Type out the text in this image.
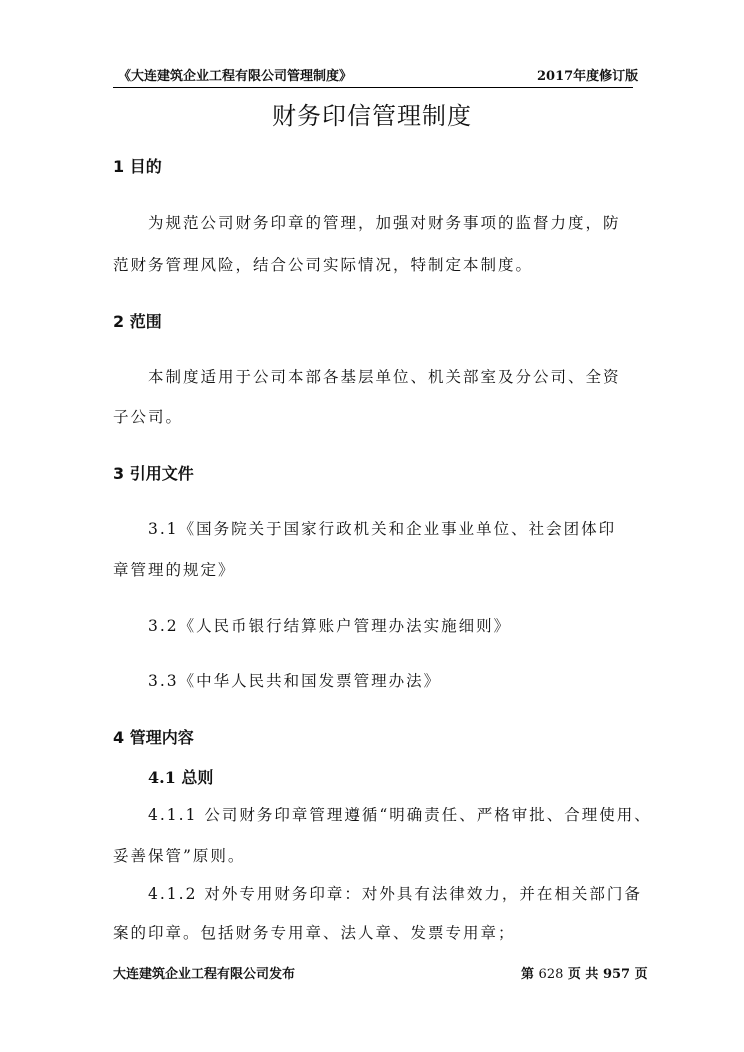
《大连建筑企业工程有限公司管理制度》	2017年度修订版
财务印信管理制度
1 目的
为规范公司财务印章的管理，加强对财务事项的监督力度，防
范财务管理风险，结合公司实际情况，特制定本制度。
2 范围
本制度适用于公司本部各基层单位、机关部室及分公司、全资
子公司。
3 引用文件
3.1《国务院关于国家行政机关和企业事业单位、社会团体印
章管理的规定》
3.2《人民币银行结算账户管理办法实施细则》
3.3《中华人民共和国发票管理办法》
4 管理内容
4.1 总则
4.1.1 公司财务印章管理遵循“明确责任、严格审批、合理使用、
妥善保管”原则。
4.1.2 对外专用财务印章：对外具有法律效力，并在相关部门备
案的印章。包括财务专用章、法人章、发票专用章；
大连建筑企业工程有限公司发布	第 628 页 共 957 页
